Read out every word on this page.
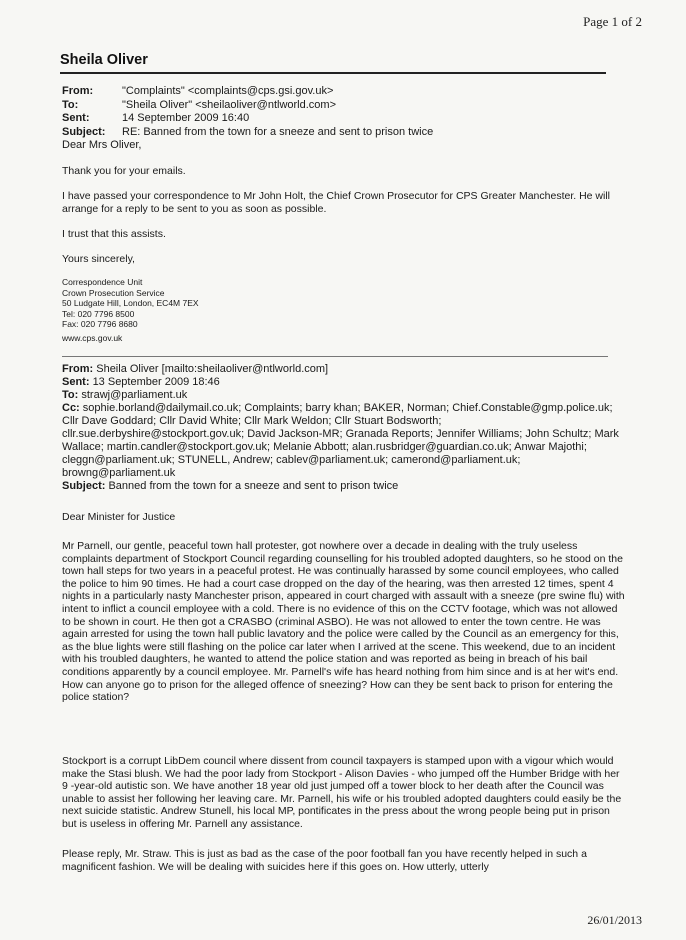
Page 1 of 2
Sheila Oliver
From:	"Complaints" <complaints@cps.gsi.gov.uk>
To:	"Sheila Oliver" <sheilaoliver@ntlworld.com>
Sent:	14 September 2009 16:40
Subject:	RE: Banned from the town for a sneeze and sent to prison twice
Dear Mrs Oliver,
Thank you for your emails.
I have passed your correspondence to Mr John Holt, the Chief Crown Prosecutor for CPS Greater Manchester. He will arrange for a reply to be sent to you as soon as possible.
I trust that this assists.
Yours sincerely,
Correspondence Unit
Crown Prosecution Service
50 Ludgate Hill, London, EC4M 7EX
Tel: 020 7796 8500
Fax: 020 7796 8680
www.cps.gov.uk
From: Sheila Oliver [mailto:sheilaoliver@ntlworld.com]
Sent: 13 September 2009 18:46
To: strawj@parliament.uk
Cc: sophie.borland@dailymail.co.uk; Complaints; barry khan; BAKER, Norman; Chief.Constable@gmp.police.uk; Cllr Dave Goddard; Cllr David White; Cllr Mark Weldon; Cllr Stuart Bodsworth; cllr.sue.derbyshire@stockport.gov.uk; David Jackson-MR; Granada Reports; Jennifer Williams; John Schultz; Mark Wallace; martin.candler@stockport.gov.uk; Melanie Abbott; alan.rusbridger@guardian.co.uk; Anwar Majothi; cleggn@parliament.uk; STUNELL, Andrew; cablev@parliament.uk; camerond@parliament.uk; browng@parliament.uk
Subject: Banned from the town for a sneeze and sent to prison twice
Dear Minister for Justice
Mr Parnell, our gentle, peaceful town hall protester, got nowhere over a decade in dealing with the truly useless complaints department of Stockport Council regarding counselling for his troubled adopted daughters, so he stood on the town hall steps for two years in a peaceful protest. He was continually harassed by some council employees, who called the police to him 90 times. He had a court case dropped on the day of the hearing, was then arrested 12 times, spent 4 nights in a particularly nasty Manchester prison, appeared in court charged with assault with a sneeze (pre swine flu) with intent to inflict a council employee with a cold. There is no evidence of this on the CCTV footage, which was not allowed to be shown in court. He then got a CRASBO (criminal ASBO). He was not allowed to enter the town centre. He was again arrested for using the town hall public lavatory and the police were called by the Council as an emergency for this, as the blue lights were still flashing on the police car later when I arrived at the scene. This weekend, due to an incident with his troubled daughters, he wanted to attend the police station and was reported as being in breach of his bail conditions apparently by a council employee. Mr. Parnell's wife has heard nothing from him since and is at her wit's end. How can anyone go to prison for the alleged offence of sneezing? How can they be sent back to prison for entering the police station?
Stockport is a corrupt LibDem council where dissent from council taxpayers is stamped upon with a vigour which would make the Stasi blush. We had the poor lady from Stockport - Alison Davies - who jumped off the Humber Bridge with her 9 -year-old autistic son. We have another 18 year old just jumped off a tower block to her death after the Council was unable to assist her following her leaving care. Mr. Parnell, his wife or his troubled adopted daughters could easily be the next suicide statistic. Andrew Stunell, his local MP, pontificates in the press about the wrong people being put in prison but is useless in offering Mr. Parnell any assistance.
Please reply, Mr. Straw. This is just as bad as the case of the poor football fan you have recently helped in such a magnificent fashion. We will be dealing with suicides here if this goes on. How utterly, utterly
26/01/2013
